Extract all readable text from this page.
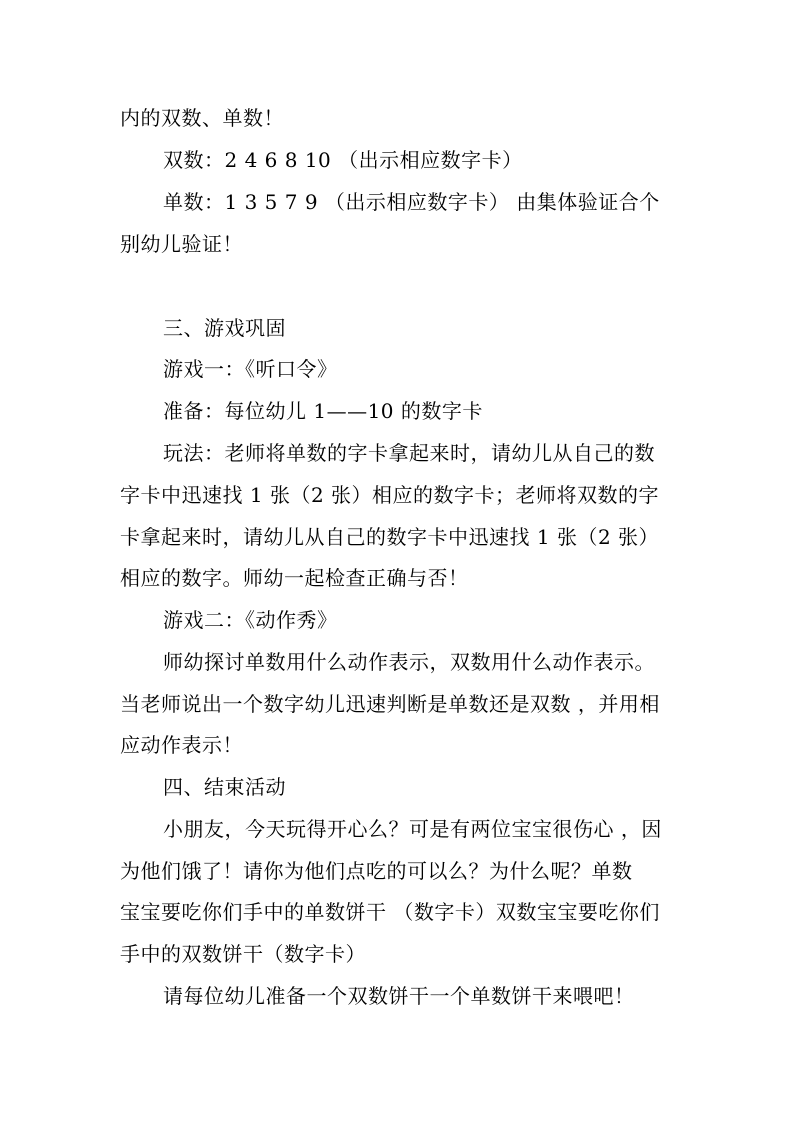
内的双数、单数！
双数：2 4 6 8 10 （出示相应数字卡）
单数：1 3 5 7 9 （出示相应数字卡） 由集体验证合个
别幼儿验证！
三、游戏巩固
游戏一：《听口令》
准备：每位幼儿 1——10 的数字卡
玩法：老师将单数的字卡拿起来时，请幼儿从自己的数
字卡中迅速找 1 张（2 张）相应的数字卡；老师将双数的字
卡拿起来时，请幼儿从自己的数字卡中迅速找 1 张（2 张）
相应的数字。师幼一起检查正确与否！
游戏二：《动作秀》
师幼探讨单数用什么动作表示，双数用什么动作表示。
当老师说出一个数字幼儿迅速判断是单数还是双数 ，并用相
应动作表示！
四、结束活动
小朋友，今天玩得开心么？可是有两位宝宝很伤心 ，因
为他们饿了！请你为他们点吃的可以么？为什么呢？单数
宝宝要吃你们手中的单数饼干 （数字卡）双数宝宝要吃你们
手中的双数饼干（数字卡）
请每位幼儿准备一个双数饼干一个单数饼干来喂吧！
